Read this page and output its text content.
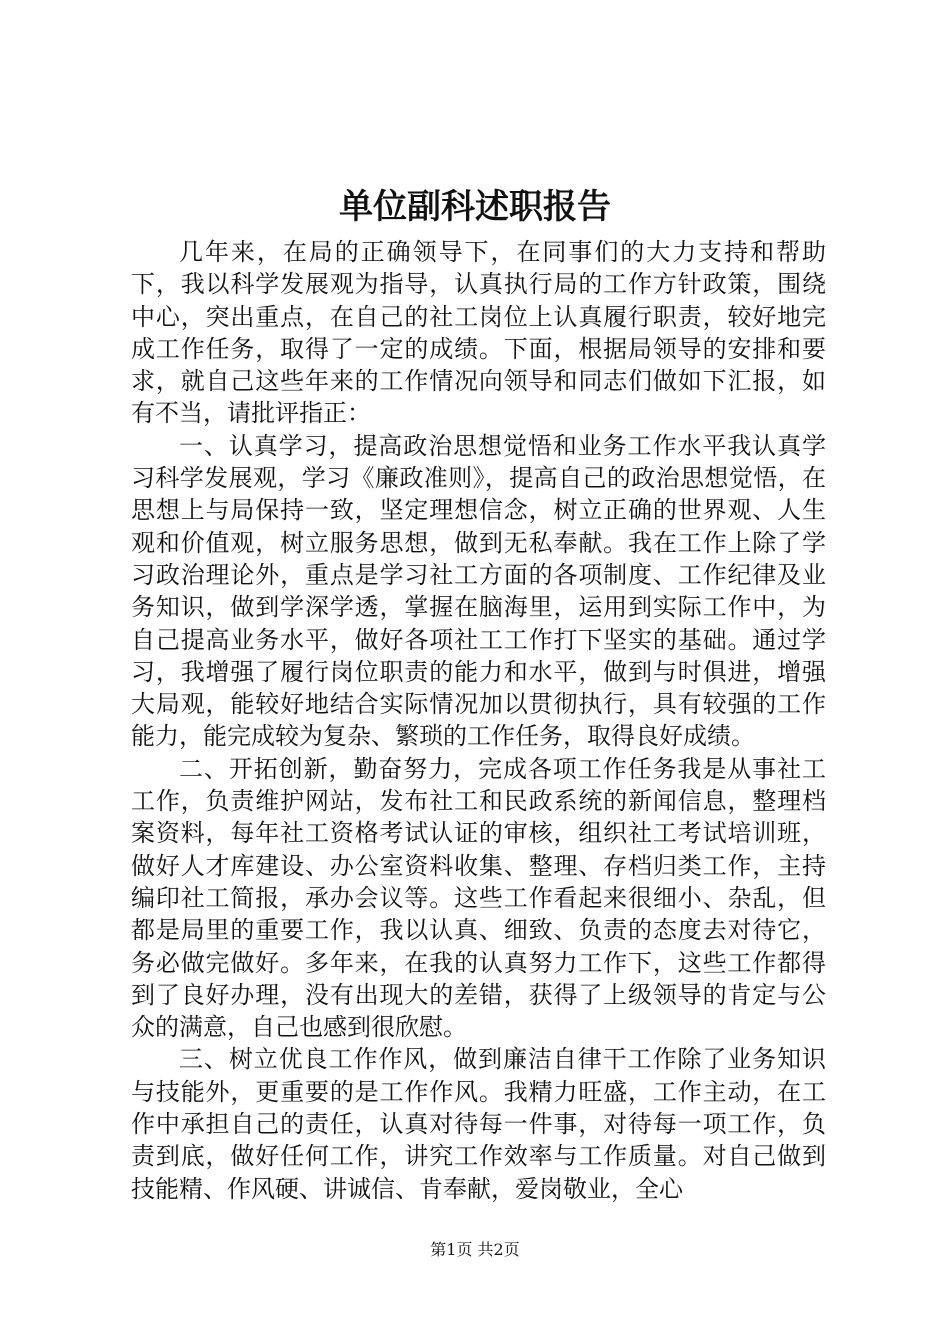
单位副科述职报告

几年来，在局的正确领导下，在同事们的大力支持和帮助下，我以科学发展观为指导，认真执行局的工作方针政策，围绕中心，突出重点，在自己的社工岗位上认真履行职责，较好地完成工作任务，取得了一定的成绩。下面，根据局领导的安排和要求，就自己这些年来的工作情况向领导和同志们做如下汇报，如有不当，请批评指正：

一、认真学习，提高政治思想觉悟和业务工作水平我认真学习科学发展观，学习《廉政准则》，提高自己的政治思想觉悟，在思想上与局保持一致，坚定理想信念，树立正确的世界观、人生观和价值观，树立服务思想，做到无私奉献。我在工作上除了学习政治理论外，重点是学习社工方面的各项制度、工作纪律及业务知识，做到学深学透，掌握在脑海里，运用到实际工作中，为自己提高业务水平，做好各项社工工作打下坚实的基础。通过学习，我增强了履行岗位职责的能力和水平，做到与时俱进，增强大局观，能较好地结合实际情况加以贯彻执行，具有较强的工作能力，能完成较为复杂、繁琐的工作任务，取得良好成绩。

二、开拓创新，勤奋努力，完成各项工作任务我是从事社工工作，负责维护网站，发布社工和民政系统的新闻信息，整理档案资料，每年社工资格考试认证的审核，组织社工考试培训班，做好人才库建设、办公室资料收集、整理、存档归类工作，主持编印社工简报，承办会议等。这些工作看起来很细小、杂乱，但都是局里的重要工作，我以认真、细致、负责的态度去对待它，务必做完做好。多年来，在我的认真努力工作下，这些工作都得到了良好办理，没有出现大的差错，获得了上级领导的肯定与公众的满意，自己也感到很欣慰。

三、树立优良工作作风，做到廉洁自律干工作除了业务知识与技能外，更重要的是工作作风。我精力旺盛，工作主动，在工作中承担自己的责任，认真对待每一件事，对待每一项工作，负责到底，做好任何工作，讲究工作效率与工作质量。对自己做到技能精、作风硬、讲诚信、肯奉献，爱岗敬业，全心

第1页 共2页
